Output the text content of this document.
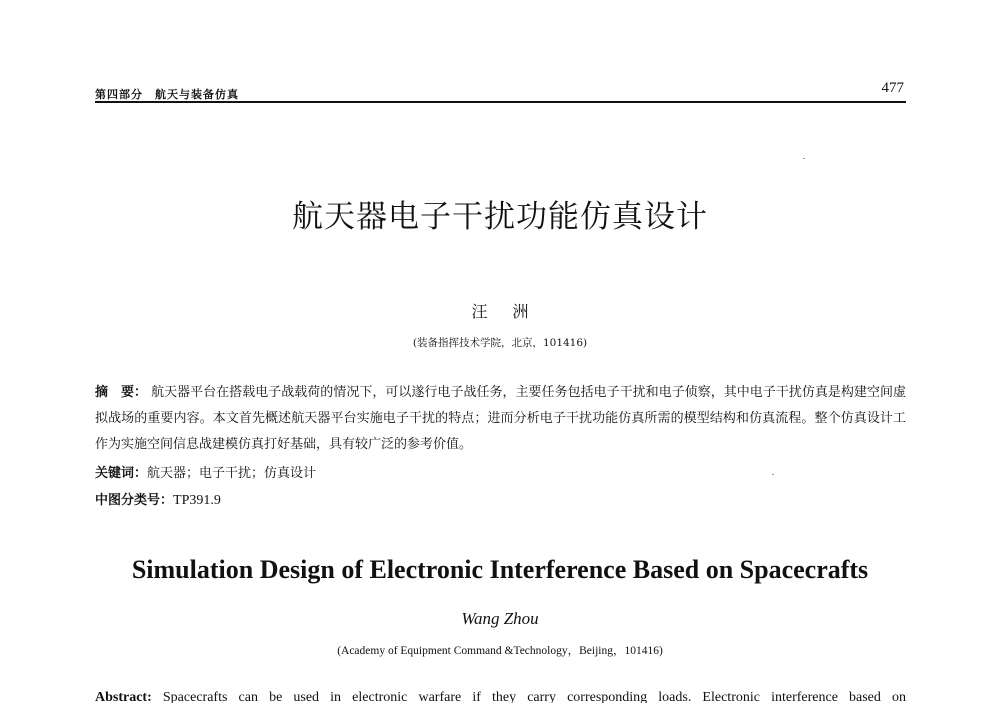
第四部分　航天与装备仿真	477
航天器电子干扰功能仿真设计
汪 洲
(装备指挥技术学院，北京，101416)
摘　要： 航天器平台在搭载电子战载荷的情况下，可以遂行电子战任务，主要任务包括电子干扰和电子侦察，其中电子干扰仿真是构建空间虚拟战场的重要内容。本文首先概述航天器平台实施电子干扰的特点；进而分析电子干扰功能仿真所需的模型结构和仿真流程。整个仿真设计工作为实施空间信息战建模仿真打好基础，具有较广泛的参考价值。
关键词：航天器；电子干扰；仿真设计
中图分类号：TP391.9
Simulation Design of Electronic Interference Based on Spacecrafts
Wang Zhou
(Academy of Equipment Command &Technology，Beijing，101416)
Abstract: Spacecrafts can be used in electronic warfare if they carry corresponding loads. Electronic interference based on
